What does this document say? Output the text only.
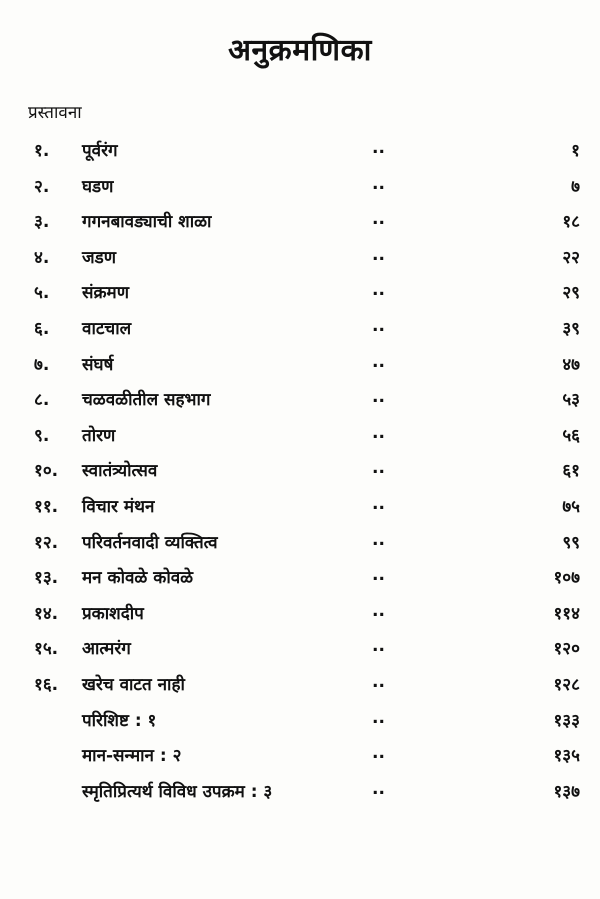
अनुक्रमणिका
प्रस्तावना
१. पूर्वरंग	..	१
२. घडण	..	७
३. गगनबावड्याची शाळा	..	१८
४. जडण	..	२२
५. संक्रमण	..	२९
६. वाटचाल	..	३९
७. संघर्ष	..	४७
८. चळवळीतील सहभाग	..	५३
९. तोरण	..	५६
१०. स्वातंत्र्योत्सव	..	६१
११. विचार मंथन	..	७५
१२. परिवर्तनवादी व्यक्तित्व	..	९९
१३. मन कोवळे कोवळे	..	१०७
१४. प्रकाशदीप	..	११४
१५. आत्मरंग	..	१२०
१६. खरेच वाटत नाही	..	१२८
परिशिष्ट : १	..	१३३
मान-सन्मान : २	..	१३५
स्मृतिप्रित्यर्थ विविध उपक्रम : ३	..	१३७
